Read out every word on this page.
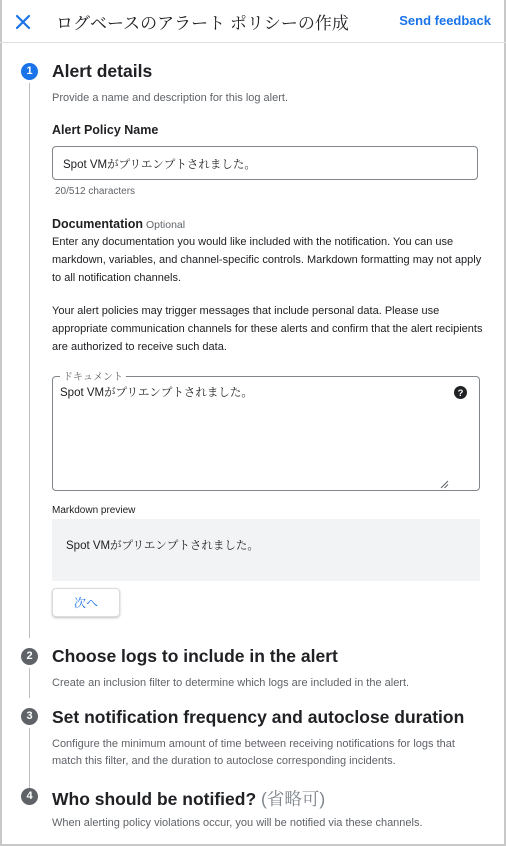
ログベースのアラート ポリシーの作成	Send feedback
1	Alert details
Provide a name and description for this log alert.
Alert Policy Name
Spot VMがプリエンプトされました。
20/512 characters
Documentation Optional
Enter any documentation you would like included with the notification. You can use markdown, variables, and channel-specific controls. Markdown formatting may not apply to all notification channels.
Your alert policies may trigger messages that include personal data. Please use appropriate communication channels for these alerts and confirm that the alert recipients are authorized to receive such data.
ドキュメント
Spot VMがプリエンプトされました。	?
Markdown preview
Spot VMがプリエンプトされました。
次へ
2	Choose logs to include in the alert
Create an inclusion filter to determine which logs are included in the alert.
3	Set notification frequency and autoclose duration
Configure the minimum amount of time between receiving notifications for logs that match this filter, and the duration to autoclose corresponding incidents.
4	Who should be notified? (省略可)
When alerting policy violations occur, you will be notified via these channels.
